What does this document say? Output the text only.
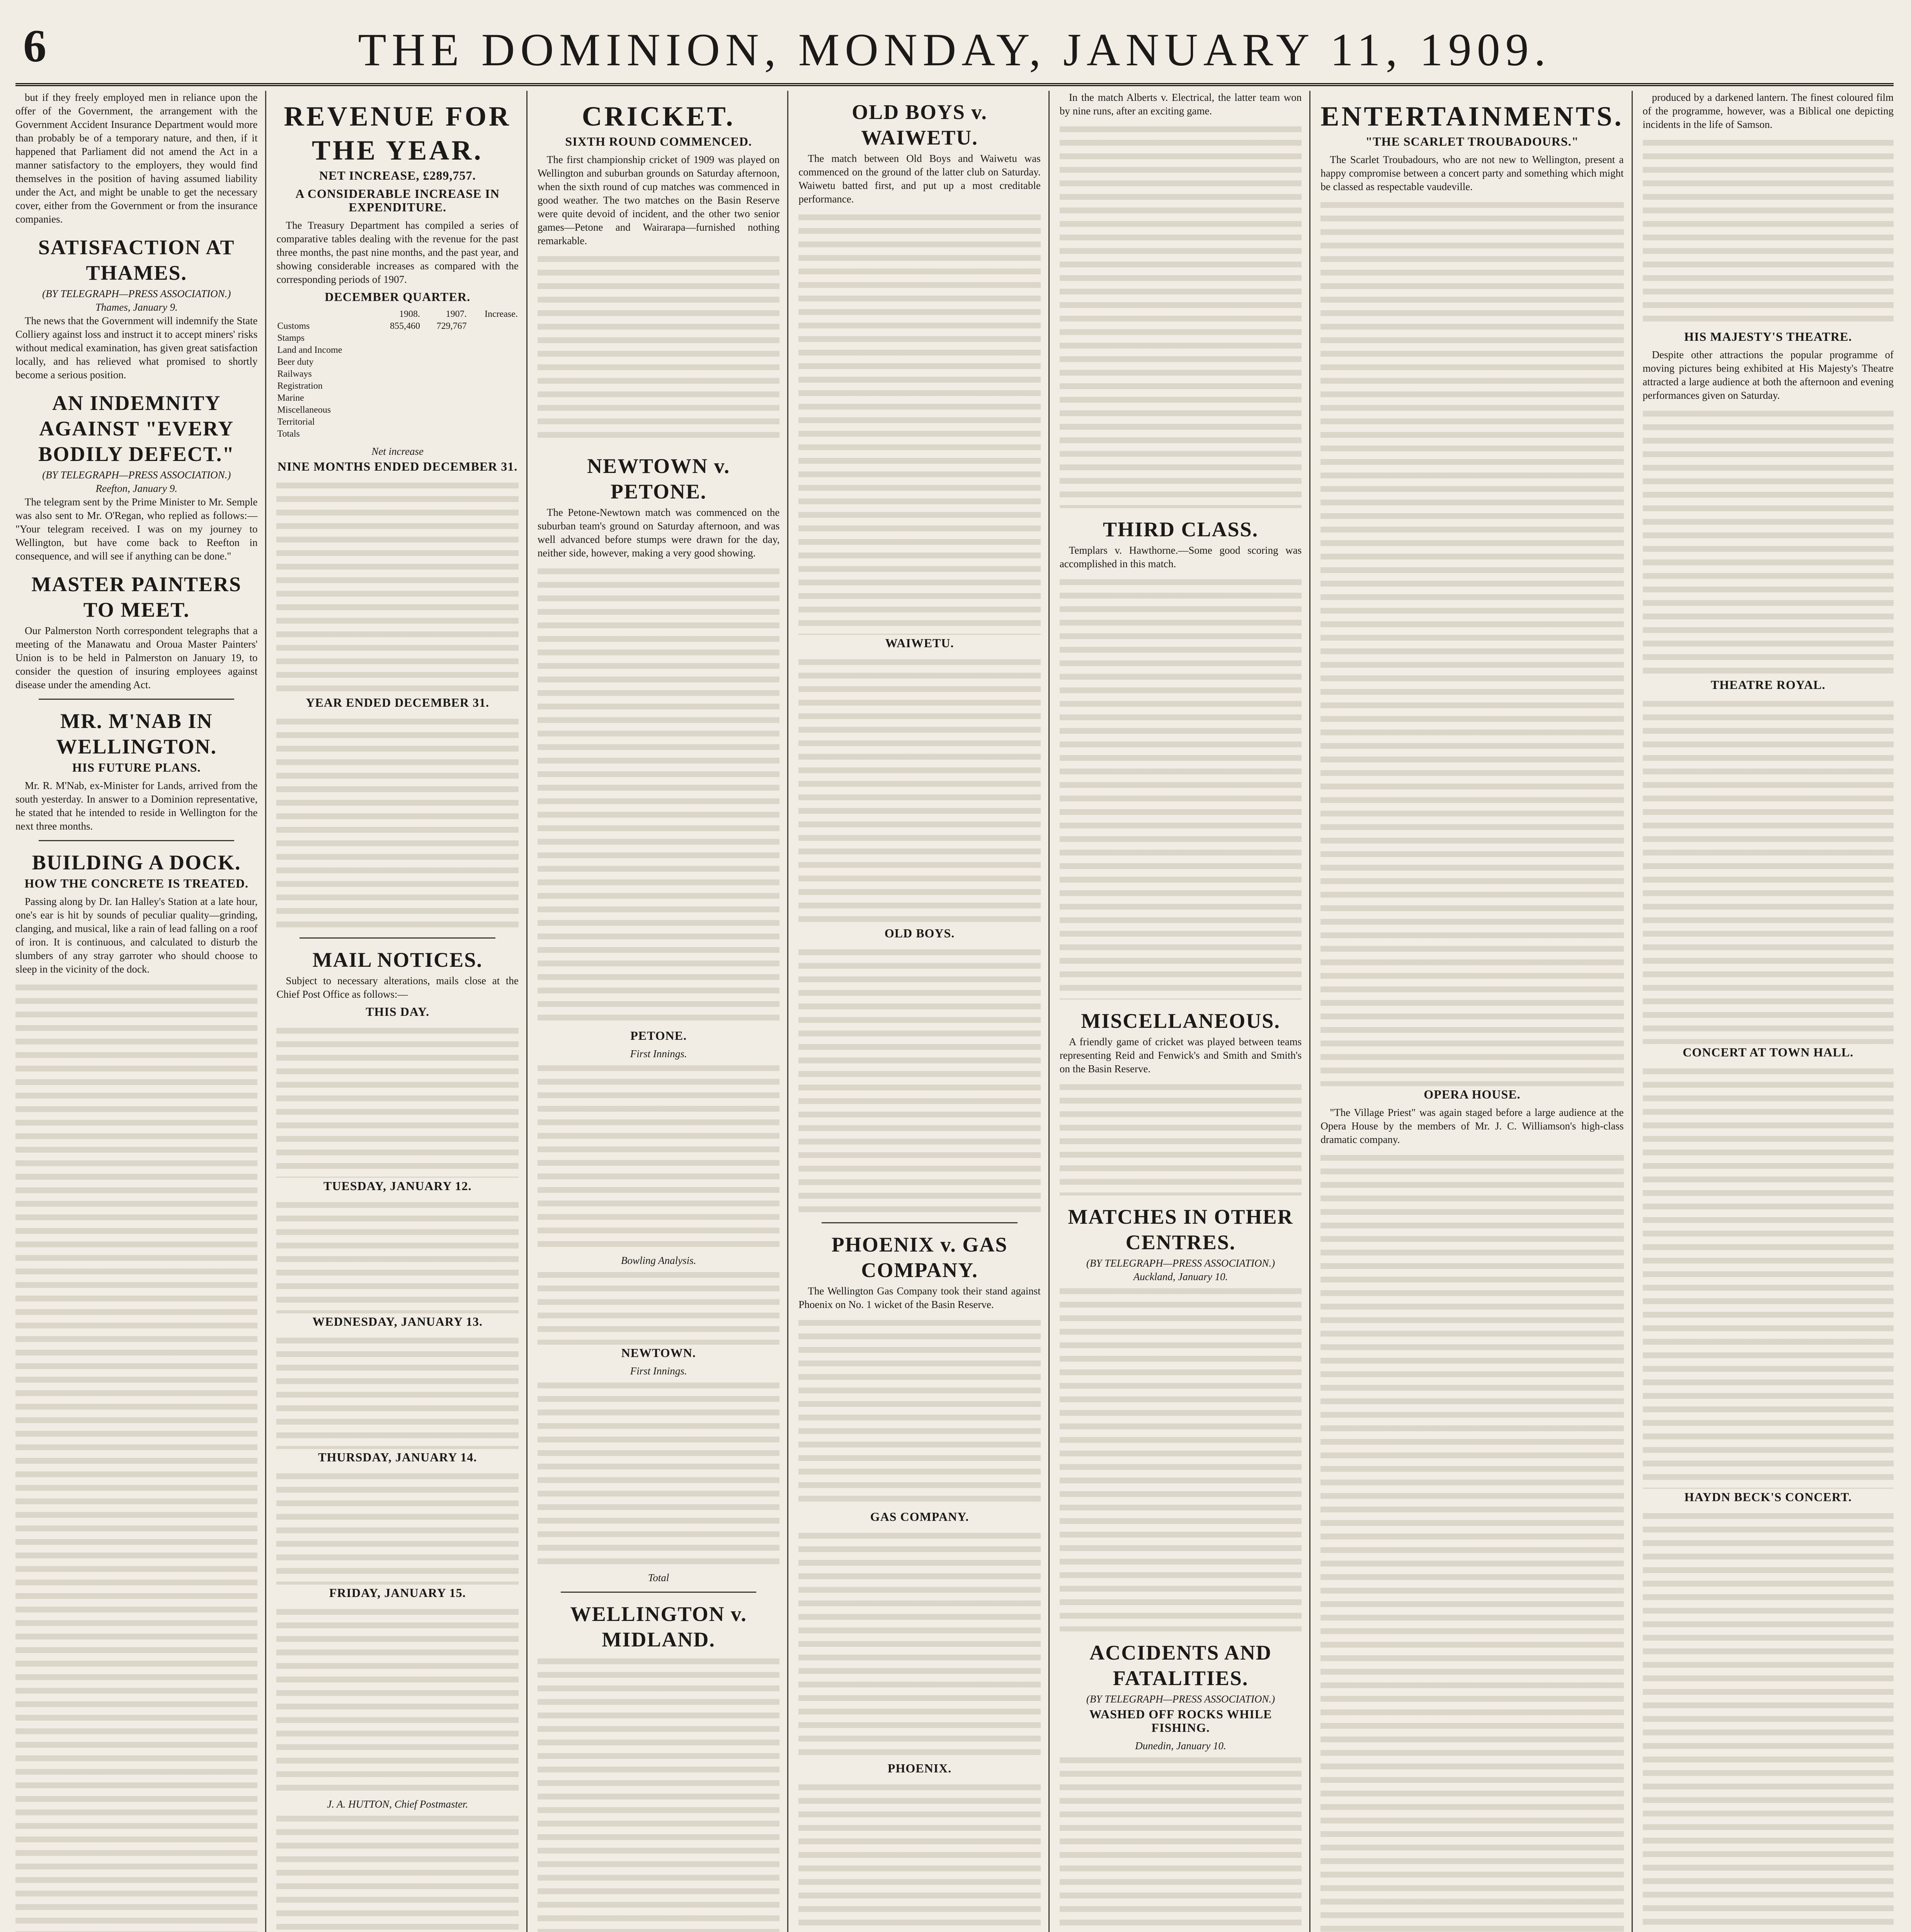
6	THE DOMINION, MONDAY, JANUARY 11, 1909.

but if they freely employed men in reliance upon the offer of the Government, the arrangement with the Government Accident Insurance Department would more than probably be of a temporary nature, and then, if it happened that Parliament did not amend the Act in a manner satisfactory to the employers, they would find themselves in the position of having assumed liability under the Act, and might be unable to get the necessary cover, either from the Government or from the insurance companies.

SATISFACTION AT THAMES.
(BY TELEGRAPH—PRESS ASSOCIATION.)
Thames, January 9.

The news that the Government will indemnify the State Colliery against loss and instruct it to accept miners' risks without medical examination, has given great satisfaction locally, and has relieved what promised to shortly become a serious position.

AN INDEMNITY AGAINST "EVERY BODILY DEFECT."
(BY TELEGRAPH—PRESS ASSOCIATION.)
Reefton, January 9.

The telegram sent by the Prime Minister to Mr. Semple was also sent to Mr. O'Regan, who replied as follows:— "Your telegram received. I was on my journey to Wellington, but have come back to Reefton in consequence, and will see if anything can be done."

MASTER PAINTERS TO MEET.

Our Palmerston North correspondent telegraphs that a meeting of the Manawatu and Oroua Master Painters' Union is to be held in Palmerston on January 19, to consider the question of insuring employees against disease under the amending Act.

MR. M'NAB IN WELLINGTON.
HIS FUTURE PLANS.

Mr. R. M'Nab, ex-Minister for Lands, arrived from the south yesterday. In answer to a Dominion representative, he stated that he intended to reside in Wellington for the next three months.

BUILDING A DOCK.
HOW THE CONCRETE IS TREATED.

Passing along by Dr. Ian Halley's Station at a late hour, one's ear is hit by sounds of peculiar quality—grinding, clanging, and musical, like a rain of lead falling on a roof of iron. It is continuous, and calculated to disturb the slumbers of any stray garroter who should choose to sleep in the vicinity of the dock.

REVENUE FOR THE YEAR.
NET INCREASE, £289,757.
A CONSIDERABLE INCREASE IN EXPENDITURE.

The Treasury Department has compiled a series of comparative tables dealing with the revenue for the past three months, the past nine months, and the past year, and showing considerable increases as compared with the corresponding periods of 1907.

DECEMBER QUARTER.
	1908.	1907.	Increase.
Customs	855,460	729,767	
Stamps			
Land and Income			
Beer duty			
Railways			
Registration			
Marine			
Miscellaneous			
Territorial			
Totals			
Net increase
NINE MONTHS ENDED DECEMBER 31.
YEAR ENDED DECEMBER 31.
MAIL NOTICES.

Subject to necessary alterations, mails close at the Chief Post Office as follows:—

THIS DAY.
TUESDAY, JANUARY 12.
WEDNESDAY, JANUARY 13.
THURSDAY, JANUARY 14.
FRIDAY, JANUARY 15.
J. A. HUTTON, Chief Postmaster.
CRICKET.
SIXTH ROUND COMMENCED.

The first championship cricket of 1909 was played on Wellington and suburban grounds on Saturday afternoon, when the sixth round of cup matches was commenced in good weather. The two matches on the Basin Reserve were quite devoid of incident, and the other two senior games—Petone and Wairarapa—furnished nothing remarkable.

NEWTOWN v. PETONE.

The Petone-Newtown match was commenced on the suburban team's ground on Saturday afternoon, and was well advanced before stumps were drawn for the day, neither side, however, making a very good showing.

PETONE.
First Innings.
Bowling Analysis.
NEWTOWN.
First Innings.
Total
WELLINGTON v. MIDLAND.
OLD BOYS v. WAIWETU.

The match between Old Boys and Waiwetu was commenced on the ground of the latter club on Saturday. Waiwetu batted first, and put up a most creditable performance.

WAIWETU.
OLD BOYS.
PHOENIX v. GAS COMPANY.

The Wellington Gas Company took their stand against Phoenix on No. 1 wicket of the Basin Reserve.

GAS COMPANY.
PHOENIX.

In the match Alberts v. Electrical, the latter team won by nine runs, after an exciting game.

THIRD CLASS.

Templars v. Hawthorne.—Some good scoring was accomplished in this match.

MISCELLANEOUS.

A friendly game of cricket was played between teams representing Reid and Fenwick's and Smith and Smith's on the Basin Reserve.

MATCHES IN OTHER CENTRES.
(BY TELEGRAPH—PRESS ASSOCIATION.)
Auckland, January 10.
ACCIDENTS AND FATALITIES.
(BY TELEGRAPH—PRESS ASSOCIATION.)
WASHED OFF ROCKS WHILE FISHING.
Dunedin, January 10.
ENTERTAINMENTS.
"THE SCARLET TROUBADOURS."

The Scarlet Troubadours, who are not new to Wellington, present a happy compromise between a concert party and something which might be classed as respectable vaudeville.

OPERA HOUSE.

"The Village Priest" was again staged before a large audience at the Opera House by the members of Mr. J. C. Williamson's high-class dramatic company.

produced by a darkened lantern. The finest coloured film of the programme, however, was a Biblical one depicting incidents in the life of Samson.

HIS MAJESTY'S THEATRE.

Despite other attractions the popular programme of moving pictures being exhibited at His Majesty's Theatre attracted a large audience at both the afternoon and evening performances given on Saturday.

THEATRE ROYAL.
CONCERT AT TOWN HALL.
HAYDN BECK'S CONCERT.
